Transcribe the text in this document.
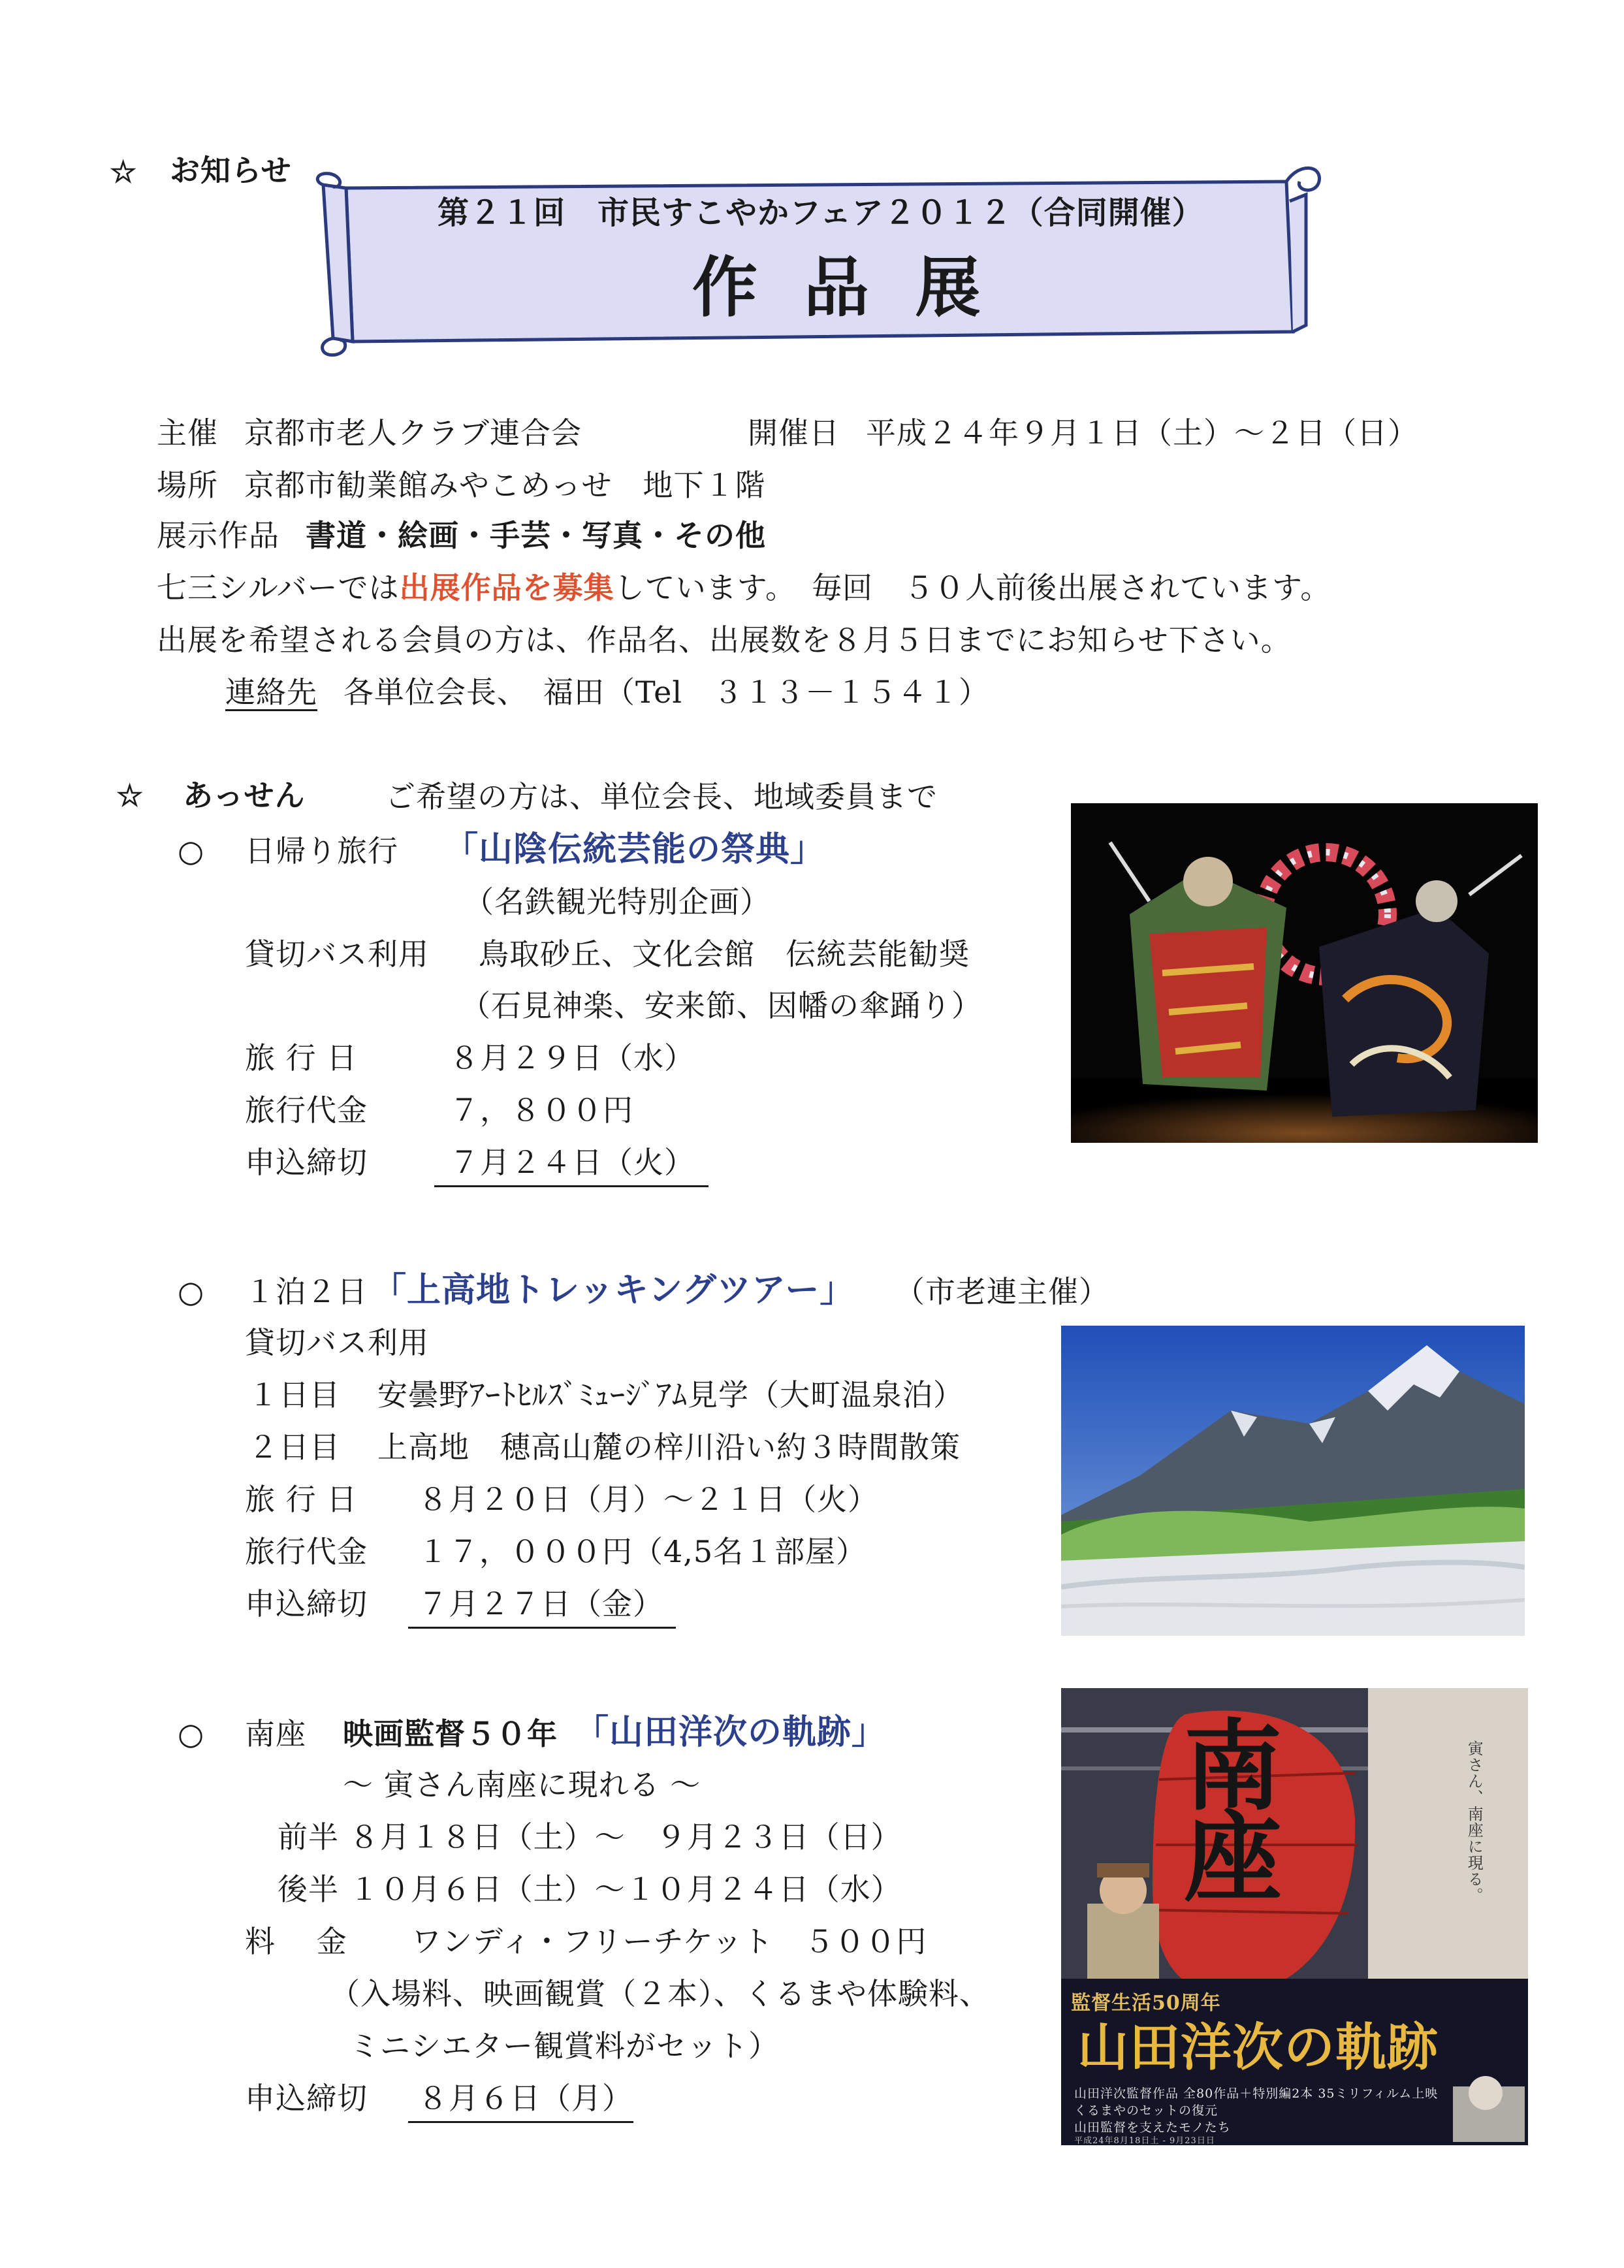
☆ お知らせ
第２１回　市民すこやかフェア２０１２（合同開催）
作 品 展
主催 京都市老人クラブ連合会	開催日 平成２４年９月１日（土）～２日（日）
場所 京都市勧業館みやこめっせ　地下１階
展示作品 書道・絵画・手芸・写真・その他
七三シルバーでは出展作品を募集しています。　毎回　５０人前後出展されています。
出展を希望される会員の方は、作品名、出展数を８月５日までにお知らせ下さい。
連絡先 各単位会長、　福田（Tel　３１３－１５４１）
☆ あっせん	ご希望の方は、単位会長、地域委員まで
○ 日帰り旅行 「山陰伝統芸能の祭典」
（名鉄観光特別企画）
貸切バス利用 鳥取砂丘、文化会館　伝統芸能勧奨
（石見神楽、安来節、因幡の傘踊り）
旅 行 日	８月２９日（水）
旅行代金	７，８００円
申込締切	７月２４日（火）
○ １泊２日 「上高地トレッキングツアー」 （市老連主催）
貸切バス利用
１日目 安曇野ｱｰﾄﾋﾙｽﾞﾐｭｰｼﾞｱﾑ見学（大町温泉泊）
２日目 上高地　穂高山麓の梓川沿い約３時間散策
旅 行 日 ８月２０日（月）～２１日（火）
旅行代金 １７，０００円（4,5名１部屋）
申込締切 ７月２７日（金）
○ 南座 映画監督５０年 「山田洋次の軌跡」
～ 寅さん南座に現れる ～
前半 ８月１８日（土）～　９月２３日（日）
後半 １０月６日（土）～１０月２４日（水）
料　 金 ワンディ・フリーチケット　５００円
（入場料、映画観賞（２本）、くるまや体験料、
ミニシエター観賞料がセット）
申込締切 ８月６日（月）
南座	寅さん、南座に現る。
監督生活50周年
山田洋次の軌跡
山田洋次監督作品 全80作品＋特別編2本 35ミリフィルム上映
くるまやのセットの復元
山田監督を支えたモノたち
平成24年8月18日土 - 9月23日日
